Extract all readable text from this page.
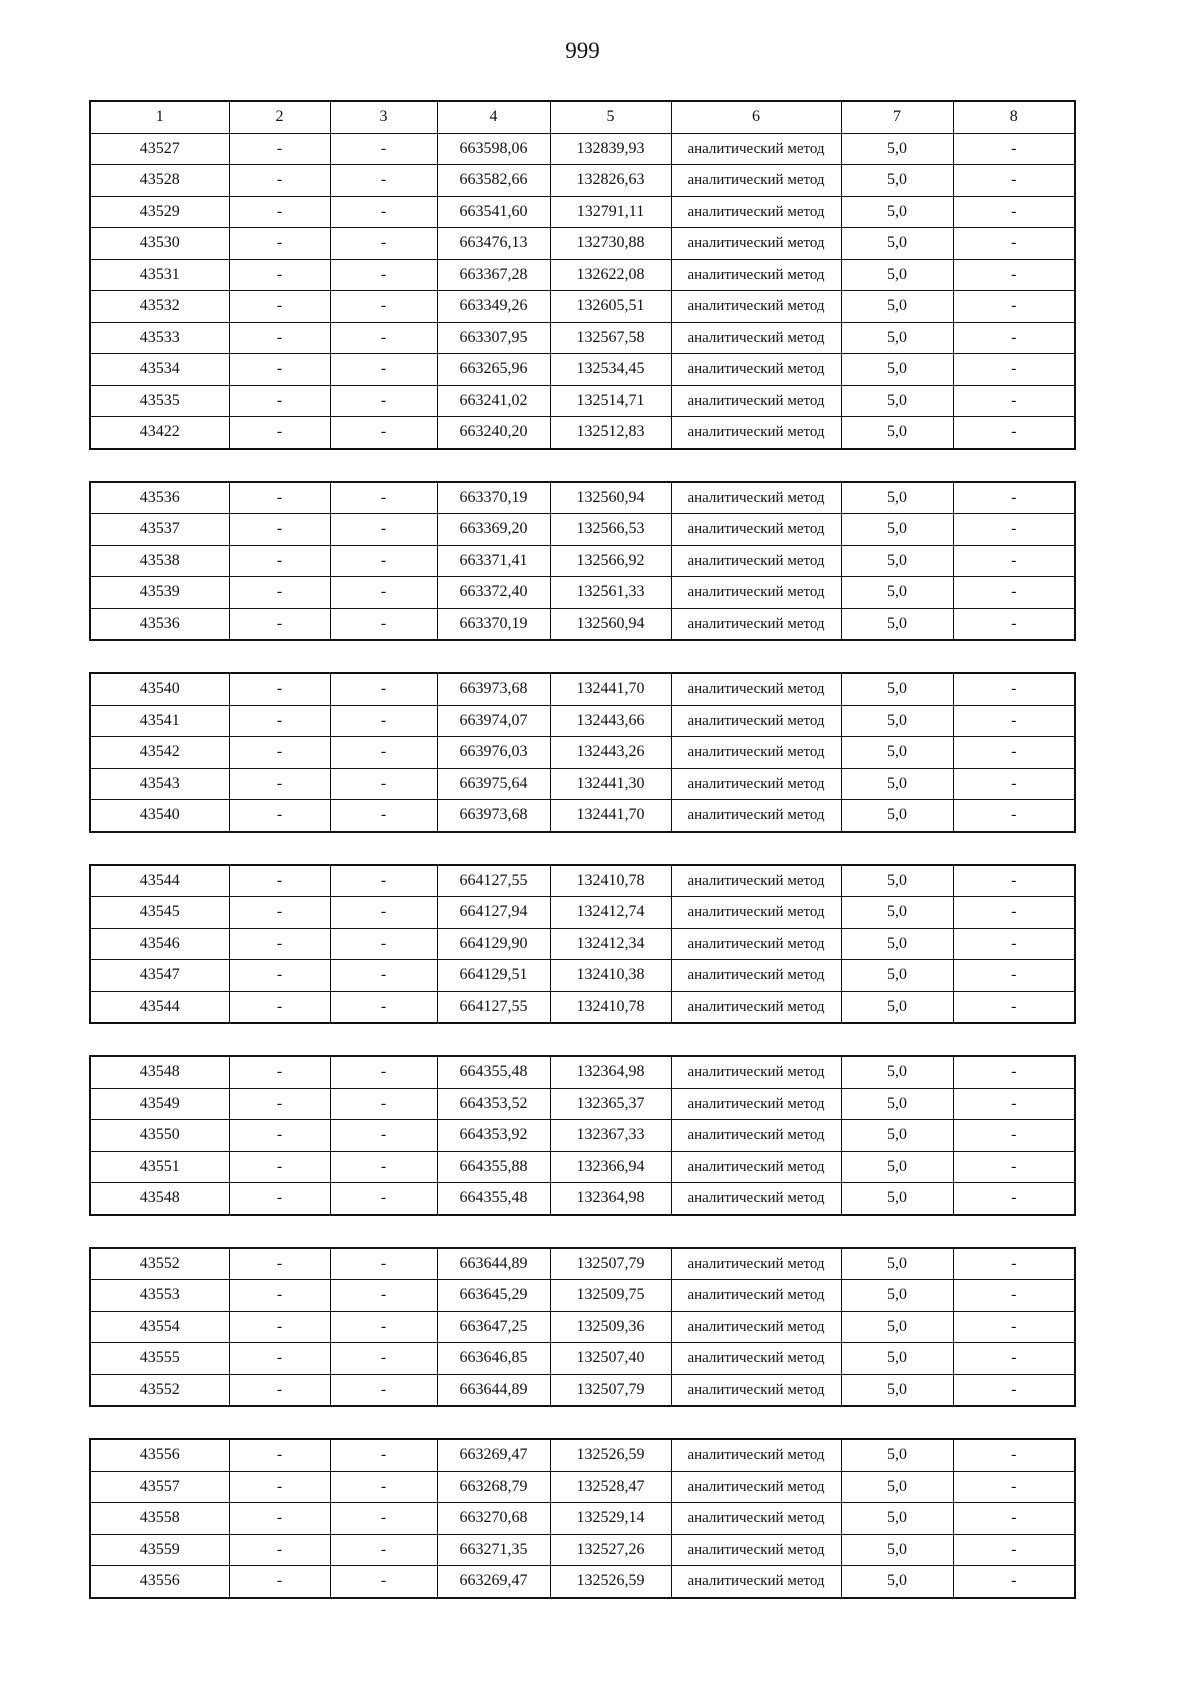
999
1	2	3	4	5	6	7	8
43527	-	-	663598,06	132839,93	аналитический метод	5,0	-
43528	-	-	663582,66	132826,63	аналитический метод	5,0	-
43529	-	-	663541,60	132791,11	аналитический метод	5,0	-
43530	-	-	663476,13	132730,88	аналитический метод	5,0	-
43531	-	-	663367,28	132622,08	аналитический метод	5,0	-
43532	-	-	663349,26	132605,51	аналитический метод	5,0	-
43533	-	-	663307,95	132567,58	аналитический метод	5,0	-
43534	-	-	663265,96	132534,45	аналитический метод	5,0	-
43535	-	-	663241,02	132514,71	аналитический метод	5,0	-
43422	-	-	663240,20	132512,83	аналитический метод	5,0	-
43536	-	-	663370,19	132560,94	аналитический метод	5,0	-
43537	-	-	663369,20	132566,53	аналитический метод	5,0	-
43538	-	-	663371,41	132566,92	аналитический метод	5,0	-
43539	-	-	663372,40	132561,33	аналитический метод	5,0	-
43536	-	-	663370,19	132560,94	аналитический метод	5,0	-
43540	-	-	663973,68	132441,70	аналитический метод	5,0	-
43541	-	-	663974,07	132443,66	аналитический метод	5,0	-
43542	-	-	663976,03	132443,26	аналитический метод	5,0	-
43543	-	-	663975,64	132441,30	аналитический метод	5,0	-
43540	-	-	663973,68	132441,70	аналитический метод	5,0	-
43544	-	-	664127,55	132410,78	аналитический метод	5,0	-
43545	-	-	664127,94	132412,74	аналитический метод	5,0	-
43546	-	-	664129,90	132412,34	аналитический метод	5,0	-
43547	-	-	664129,51	132410,38	аналитический метод	5,0	-
43544	-	-	664127,55	132410,78	аналитический метод	5,0	-
43548	-	-	664355,48	132364,98	аналитический метод	5,0	-
43549	-	-	664353,52	132365,37	аналитический метод	5,0	-
43550	-	-	664353,92	132367,33	аналитический метод	5,0	-
43551	-	-	664355,88	132366,94	аналитический метод	5,0	-
43548	-	-	664355,48	132364,98	аналитический метод	5,0	-
43552	-	-	663644,89	132507,79	аналитический метод	5,0	-
43553	-	-	663645,29	132509,75	аналитический метод	5,0	-
43554	-	-	663647,25	132509,36	аналитический метод	5,0	-
43555	-	-	663646,85	132507,40	аналитический метод	5,0	-
43552	-	-	663644,89	132507,79	аналитический метод	5,0	-
43556	-	-	663269,47	132526,59	аналитический метод	5,0	-
43557	-	-	663268,79	132528,47	аналитический метод	5,0	-
43558	-	-	663270,68	132529,14	аналитический метод	5,0	-
43559	-	-	663271,35	132527,26	аналитический метод	5,0	-
43556	-	-	663269,47	132526,59	аналитический метод	5,0	-
